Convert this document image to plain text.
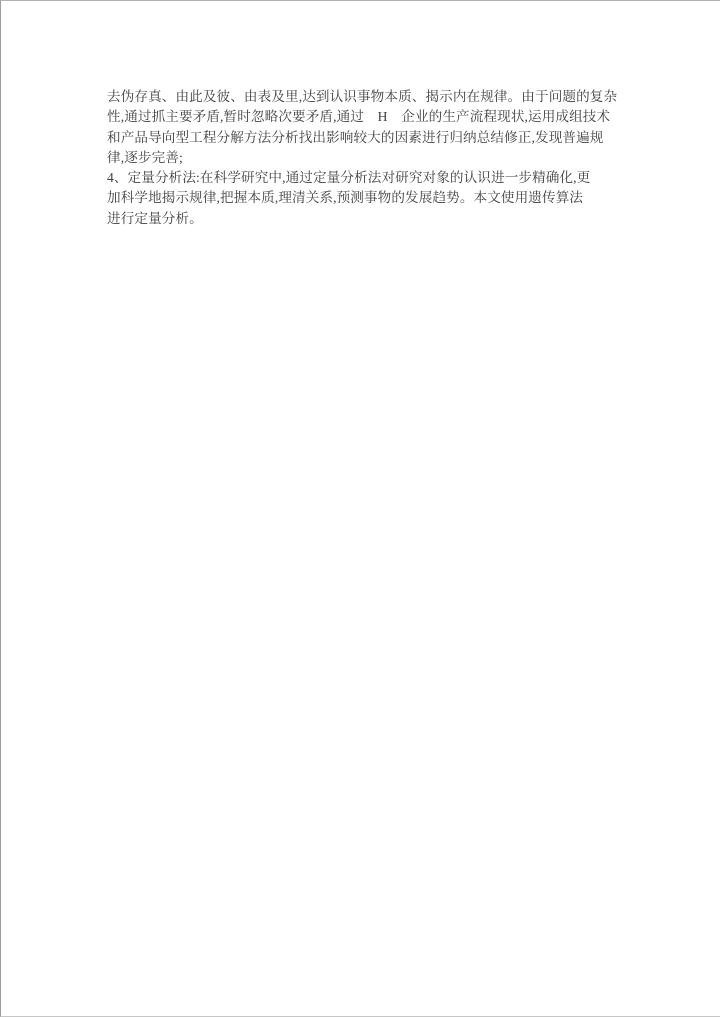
去伪存真、由此及彼、由表及里,达到认识事物本质、揭示内在规律。由于问题的复杂
性,通过抓主要矛盾,暂时忽略次要矛盾,通过　H　企业的生产流程现状,运用成组技术
和产品导向型工程分解方法分析找出影响较大的因素进行归纳总结修正,发现普遍规
律,逐步完善;
4、定量分析法:在科学研究中,通过定量分析法对研究对象的认识进一步精确化,更
加科学地揭示规律,把握本质,理清关系,预测事物的发展趋势。本文使用遗传算法
进行定量分析。
